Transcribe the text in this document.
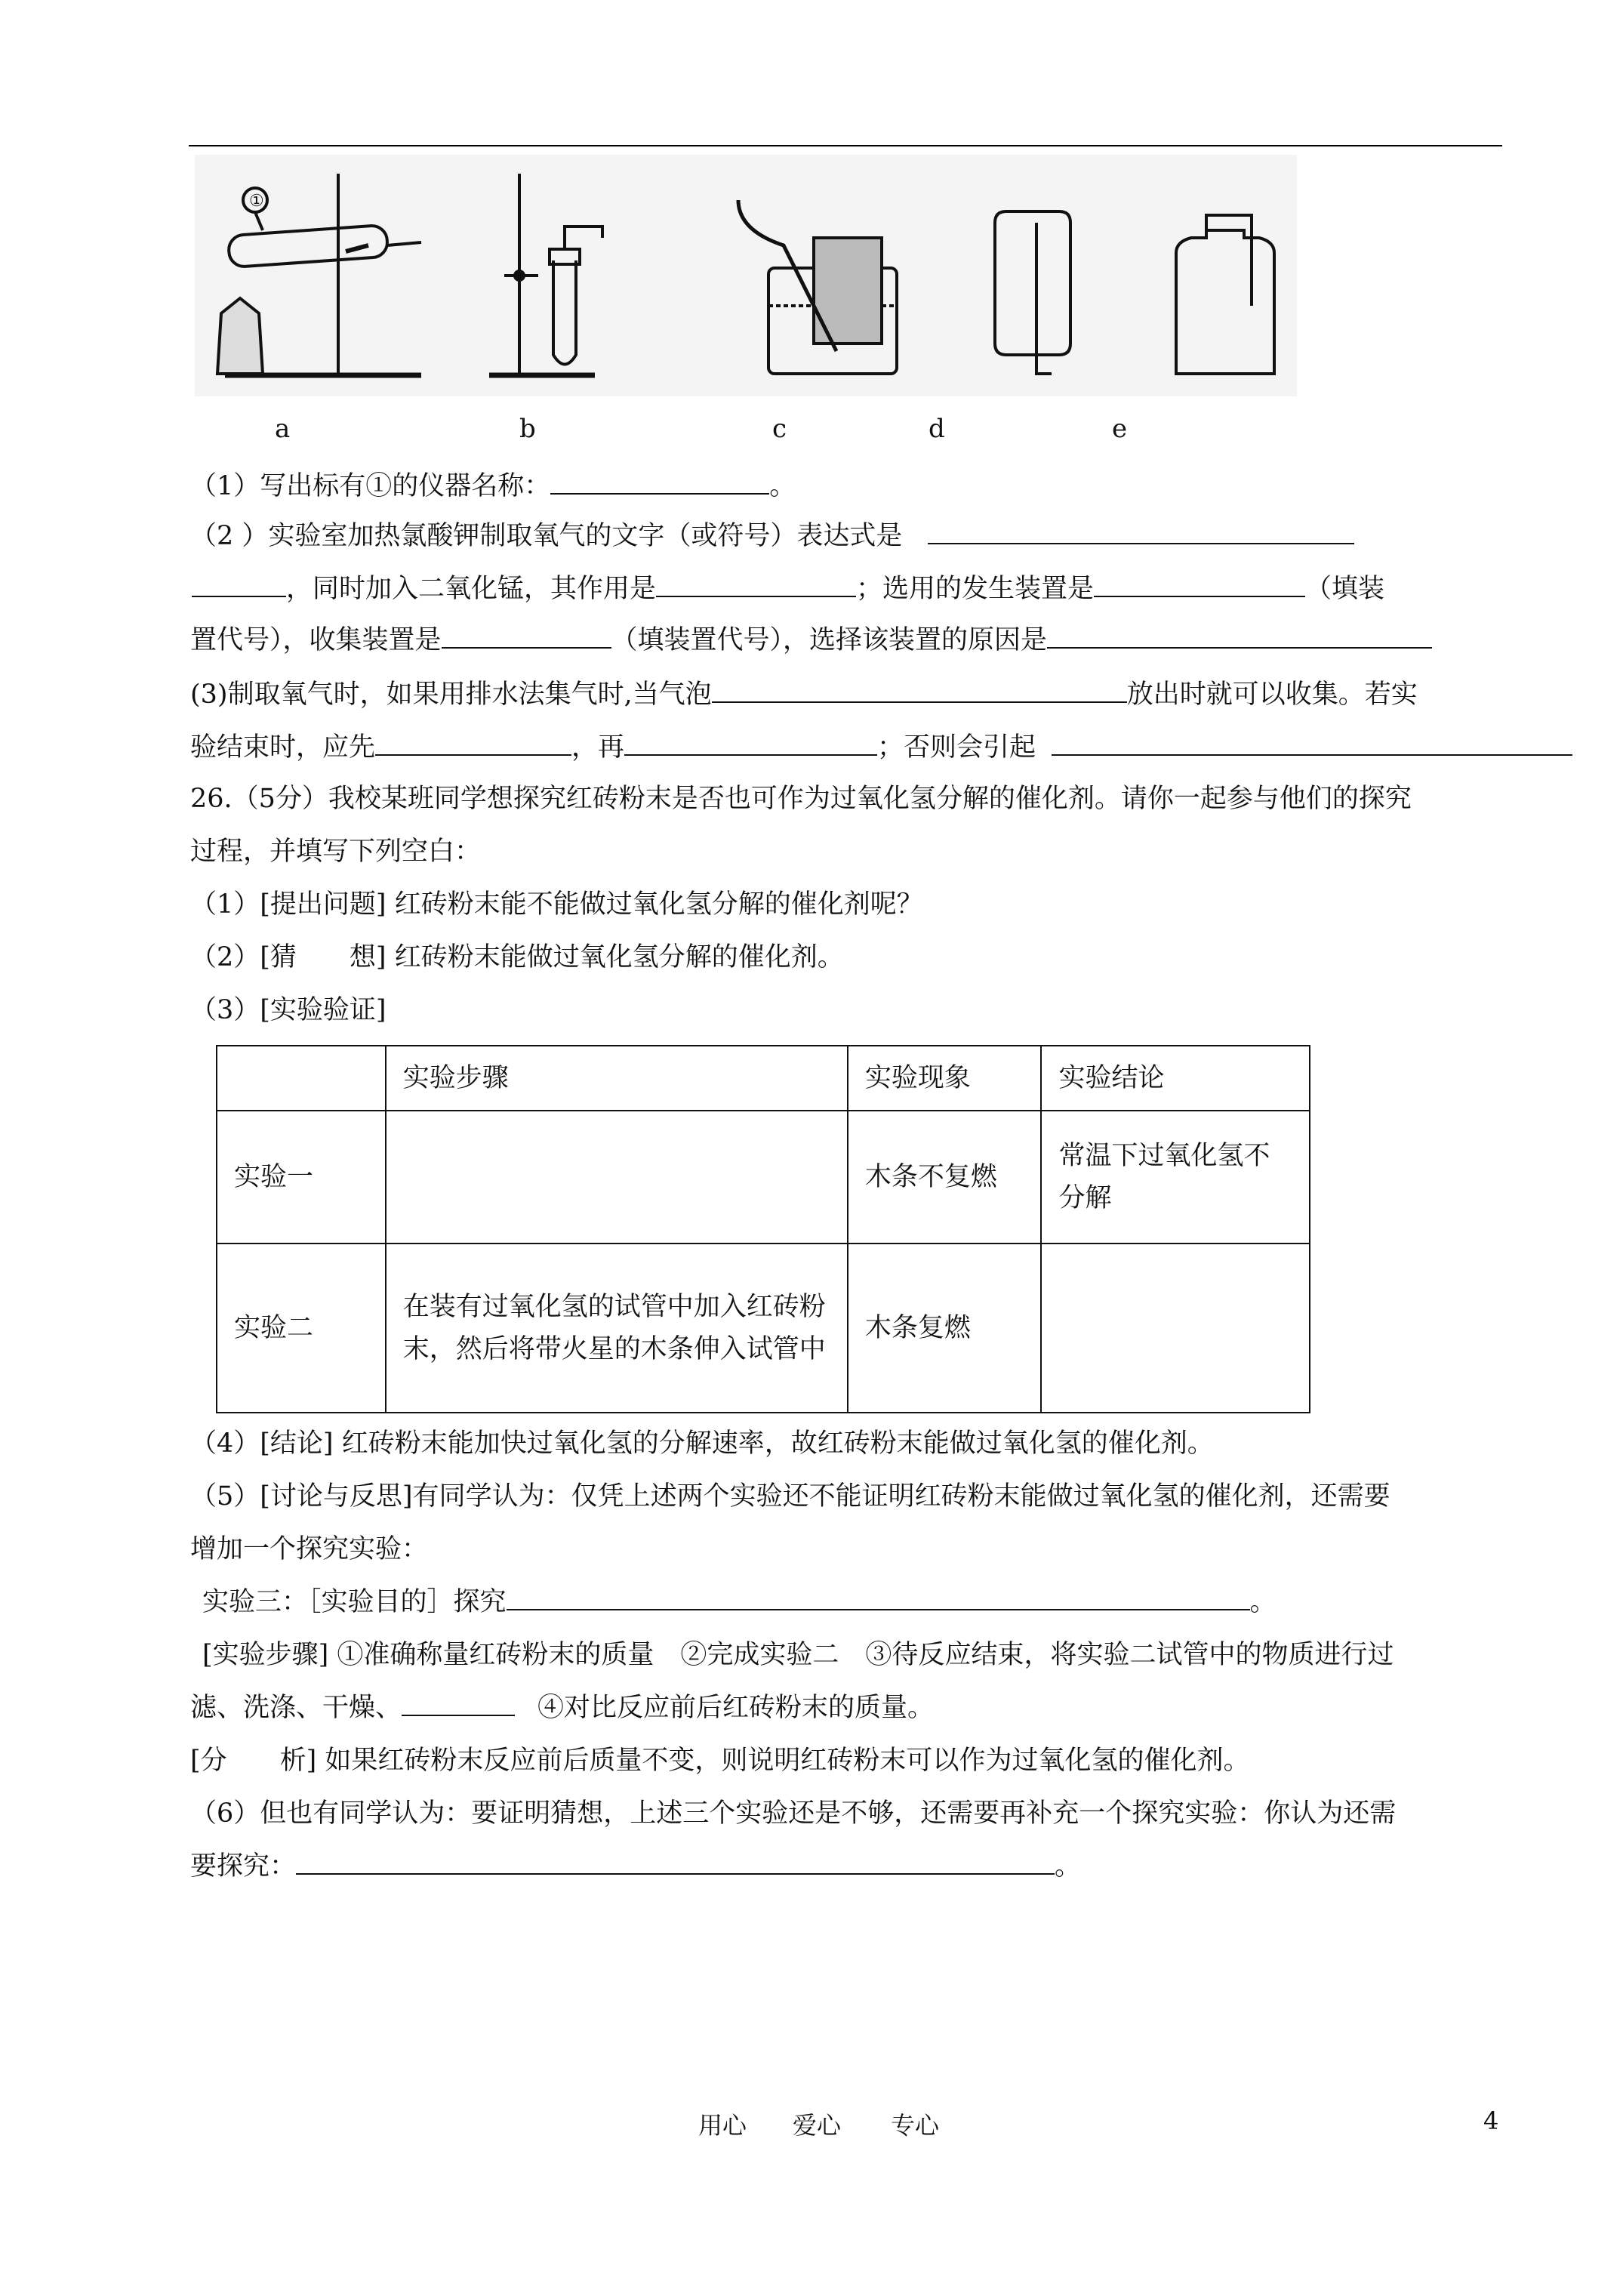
①
a	b	c	d	e
（1）写出标有①的仪器名称：	。
（2 ）实验室加热氯酸钾制取氧气的文字（或符号）表达式是
，同时加入二氧化锰，其作用是	；选用的发生装置是	（填装
置代号），收集装置是	（填装置代号），选择该装置的原因是
(3)制取氧气时，如果用排水法集气时,当气泡	放出时就可以收集。若实
验结束时，应先	，再	；否则会引起
26.（5分）我校某班同学想探究红砖粉末是否也可作为过氧化氢分解的催化剂。请你一起参与他们的探究
过程，并填写下列空白：
（1）[提出问题] 红砖粉末能不能做过氧化氢分解的催化剂呢？
（2）[猜　　想] 红砖粉末能做过氧化氢分解的催化剂。
（3）[实验验证]
	实验步骤	实验现象	实验结论
实验一		木条不复燃	常温下过氧化氢不分解
实验二	在装有过氧化氢的试管中加入红砖粉末，然后将带火星的木条伸入试管中	木条复燃	
（4）[结论] 红砖粉末能加快过氧化氢的分解速率，故红砖粉末能做过氧化氢的催化剂。
（5）[讨论与反思]有同学认为：仅凭上述两个实验还不能证明红砖粉末能做过氧化氢的催化剂，还需要
增加一个探究实验：
实验三：［实验目的］探究	。
[实验步骤] ①准确称量红砖粉末的质量　②完成实验二　③待反应结束，将实验二试管中的物质进行过
滤、洗涤、干燥、	④对比反应前后红砖粉末的质量。
[分　　析] 如果红砖粉末反应前后质量不变，则说明红砖粉末可以作为过氧化氢的催化剂。
（6）但也有同学认为：要证明猜想，上述三个实验还是不够，还需要再补充一个探究实验：你认为还需
要探究：	。
用心 爱心 专心	4
